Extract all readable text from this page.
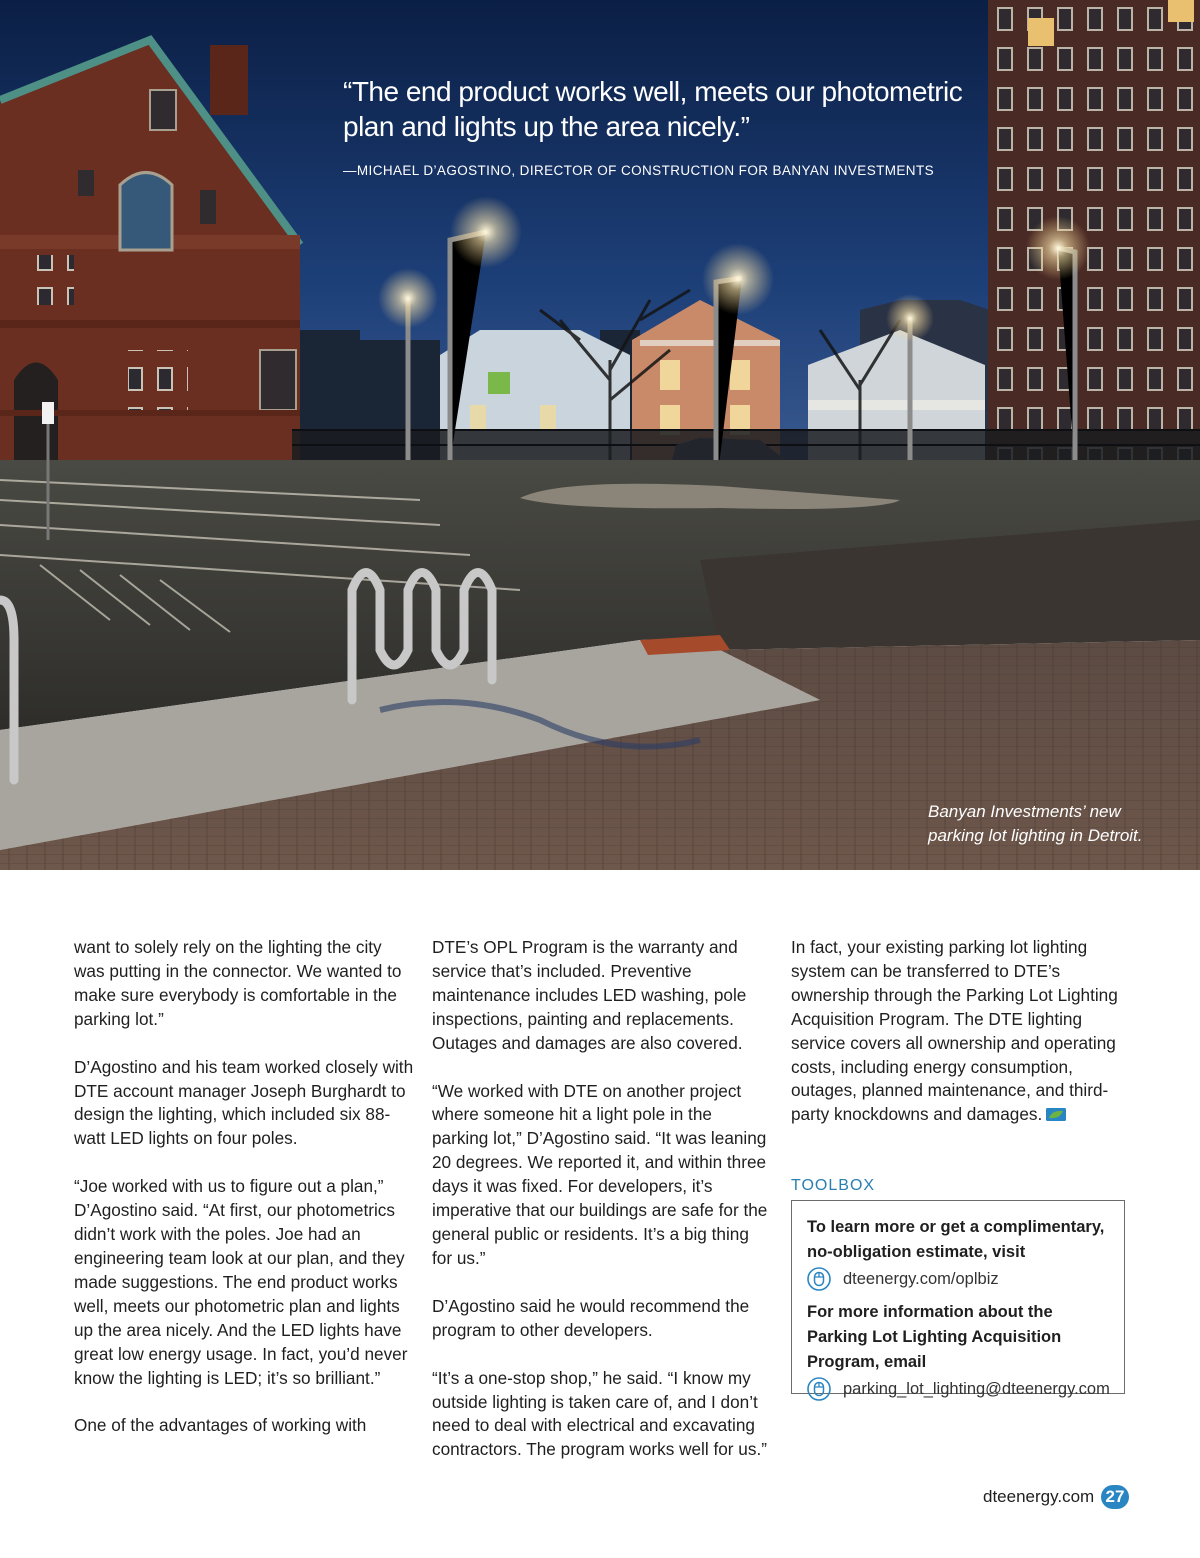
“The end product works well, meets our photometric plan and lights up the area nicely.”
—MICHAEL D’AGOSTINO, DIRECTOR OF CONSTRUCTION FOR BANYAN INVESTMENTS
Banyan Investments’ new parking lot lighting in Detroit.

want to solely rely on the lighting the city was putting in the connector. We wanted to make sure everybody is comfortable in the parking lot.”

D’Agostino and his team worked closely with DTE account manager Joseph Burghardt to design the lighting, which included six 88-watt LED lights on four poles.

“Joe worked with us to figure out a plan,” D’Agostino said. “At first, our photometrics didn’t work with the poles. Joe had an engineering team look at our plan, and they made suggestions. The end product works well, meets our photometric plan and lights up the area nicely. And the LED lights have great low energy usage. In fact, you’d never know the lighting is LED; it’s so brilliant.”

One of the advantages of working with

DTE’s OPL Program is the warranty and service that’s included. Preventive maintenance includes LED washing, pole inspections, painting and replacements. Outages and damages are also covered.

“We worked with DTE on another project where someone hit a light pole in the parking lot,” D’Agostino said. “It was leaning 20 degrees. We reported it, and within three days it was fixed. For developers, it’s imperative that our buildings are safe for the general public or residents. It’s a big thing for us.”

D’Agostino said he would recommend the program to other developers.

“It’s a one-stop shop,” he said. “I know my outside lighting is taken care of, and I don’t need to deal with electrical and excavating contractors. The program works well for us.”

In fact, your existing parking lot lighting system can be transferred to DTE’s ownership through the Parking Lot Lighting Acquisition Program. The DTE lighting service covers all ownership and operating costs, including energy consumption, outages, planned maintenance, and third-party knockdowns and damages.

TOOLBOX

To learn more or get a complimentary, no-obligation estimate, visit

dteenergy.com/oplbiz

For more information about the Parking Lot Lighting Acquisition Program, email

parking_lot_lighting@dteenergy.com
dteenergy.com 27
